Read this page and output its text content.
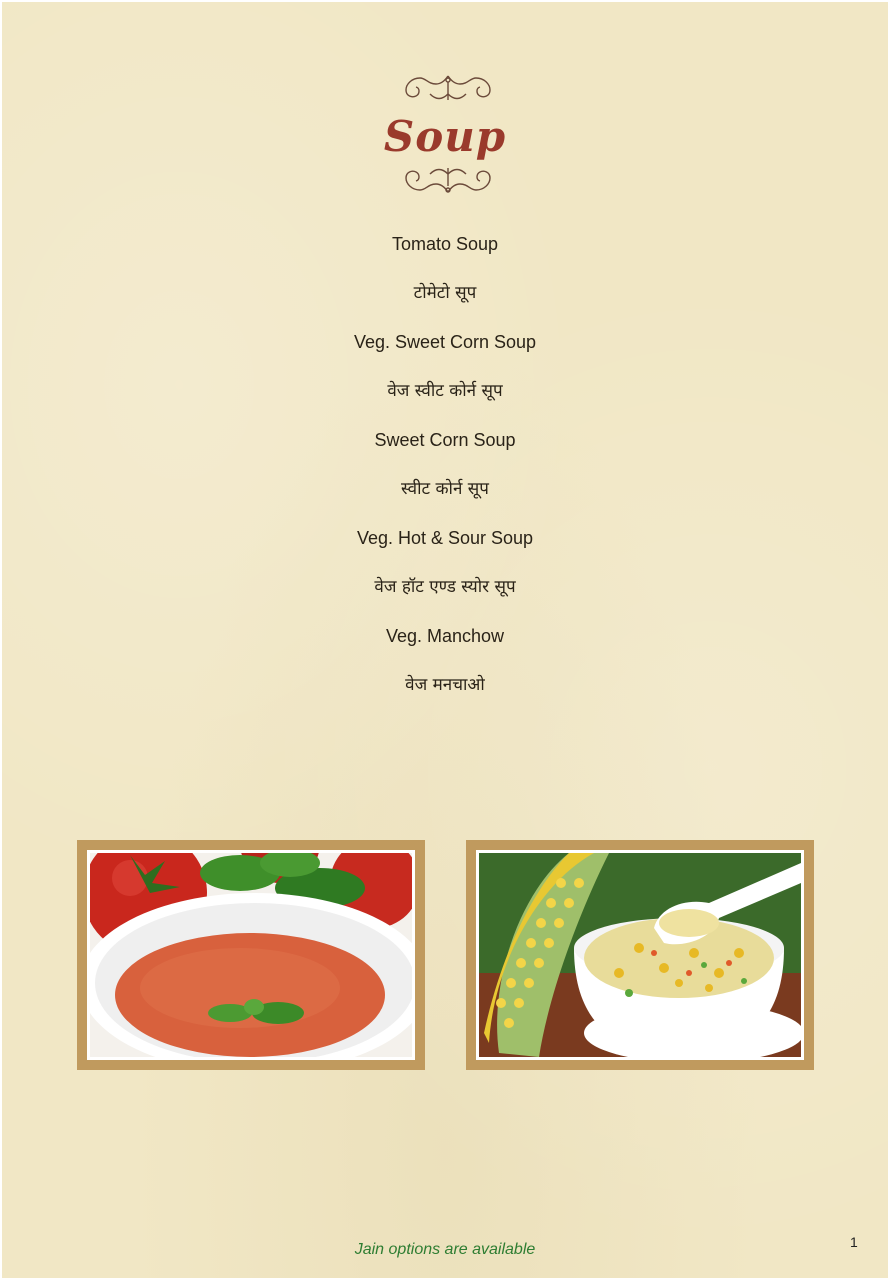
Soup
Tomato Soup
टोमेटो सूप
Veg. Sweet Corn Soup
वेज स्वीट कोर्न सूप
Sweet Corn Soup
स्वीट कोर्न सूप
Veg. Hot & Sour Soup
वेज हॉट एण्ड स्योर सूप
Veg. Manchow
वेज मनचाओ
Jain options are available	1
